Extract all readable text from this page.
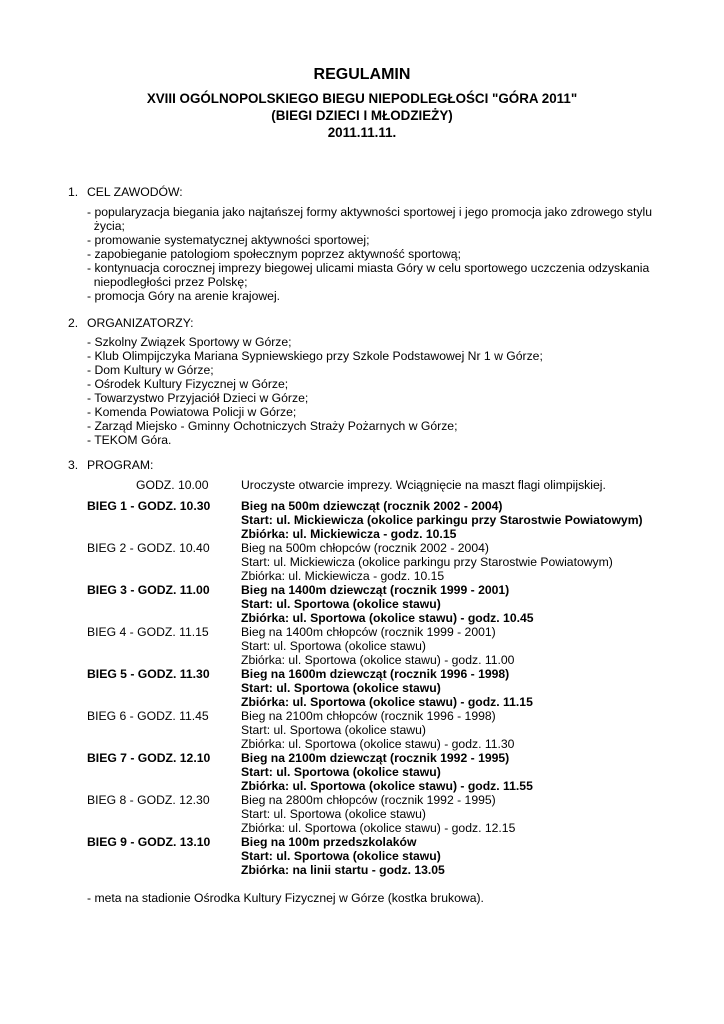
REGULAMIN
XVIII OGÓLNOPOLSKIEGO BIEGU NIEPODLEGŁOŚCI "GÓRA 2011"
(BIEGI DZIECI I MŁODZIEŻY)
2011.11.11.
1. CEL ZAWODÓW:
- popularyzacja biegania jako najtańszej formy aktywności sportowej i jego promocja jako zdrowego stylu
życia;
- promowanie systematycznej aktywności sportowej;
- zapobieganie patologiom społecznym poprzez aktywność sportową;
- kontynuacja corocznej imprezy biegowej ulicami miasta Góry w celu sportowego uczczenia odzyskania
niepodległości przez Polskę;
- promocja Góry na arenie krajowej.
2. ORGANIZATORZY:
- Szkolny Związek Sportowy w Górze;
- Klub Olimpijczyka Mariana Sypniewskiego przy Szkole Podstawowej Nr 1 w Górze;
- Dom Kultury w Górze;
- Ośrodek Kultury Fizycznej w Górze;
- Towarzystwo Przyjaciół Dzieci w Górze;
- Komenda Powiatowa Policji w Górze;
- Zarząd Miejsko - Gminny Ochotniczych Straży Pożarnych w Górze;
- TEKOM Góra.
3. PROGRAM:
GODZ. 10.00	Uroczyste otwarcie imprezy. Wciągnięcie na maszt flagi olimpijskiej.
BIEG 1 - GODZ. 10.30	Bieg na 500m dziewcząt (rocznik 2002 - 2004)
Start: ul. Mickiewicza (okolice parkingu przy Starostwie Powiatowym)
Zbiórka: ul. Mickiewicza - godz. 10.15
BIEG 2 - GODZ. 10.40	Bieg na 500m chłopców (rocznik 2002 - 2004)
Start: ul. Mickiewicza (okolice parkingu przy Starostwie Powiatowym)
Zbiórka: ul. Mickiewicza - godz. 10.15
BIEG 3 - GODZ. 11.00	Bieg na 1400m dziewcząt (rocznik 1999 - 2001)
Start: ul. Sportowa (okolice stawu)
Zbiórka: ul. Sportowa (okolice stawu) - godz. 10.45
BIEG 4 - GODZ. 11.15	Bieg na 1400m chłopców (rocznik 1999 - 2001)
Start: ul. Sportowa (okolice stawu)
Zbiórka: ul. Sportowa (okolice stawu) - godz. 11.00
BIEG 5 - GODZ. 11.30	Bieg na 1600m dziewcząt (rocznik 1996 - 1998)
Start: ul. Sportowa (okolice stawu)
Zbiórka: ul. Sportowa (okolice stawu) - godz. 11.15
BIEG 6 - GODZ. 11.45	Bieg na 2100m chłopców (rocznik 1996 - 1998)
Start: ul. Sportowa (okolice stawu)
Zbiórka: ul. Sportowa (okolice stawu) - godz. 11.30
BIEG 7 - GODZ. 12.10	Bieg na 2100m dziewcząt (rocznik 1992 - 1995)
Start: ul. Sportowa (okolice stawu)
Zbiórka: ul. Sportowa (okolice stawu) - godz. 11.55
BIEG 8 - GODZ. 12.30	Bieg na 2800m chłopców (rocznik 1992 - 1995)
Start: ul. Sportowa (okolice stawu)
Zbiórka: ul. Sportowa (okolice stawu) - godz. 12.15
BIEG 9 - GODZ. 13.10	Bieg na 100m przedszkolaków
Start: ul. Sportowa (okolice stawu)
Zbiórka: na linii startu - godz. 13.05
- meta na stadionie Ośrodka Kultury Fizycznej w Górze (kostka brukowa).
